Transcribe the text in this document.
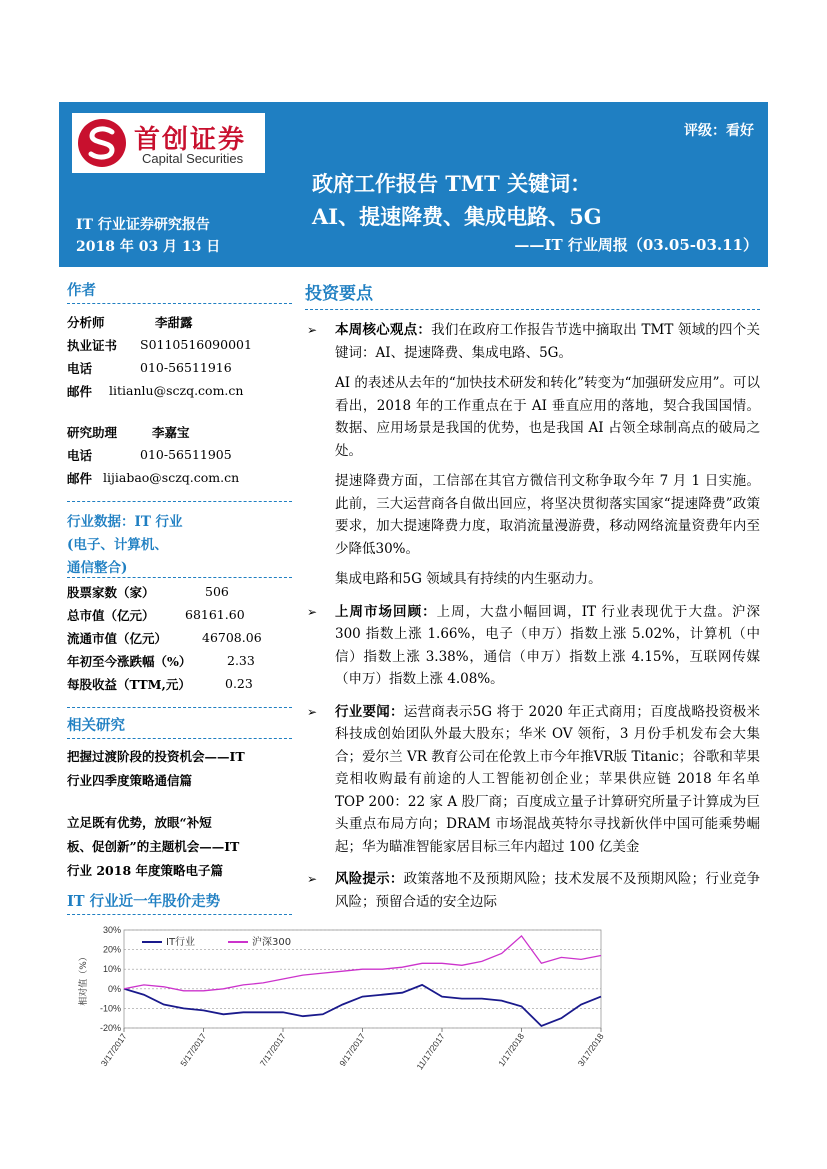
首创证券
Capital Securities
评级：看好
政府工作报告 TMT 关键词：
AI、提速降费、集成电路、5G
——IT 行业周报（03.05-03.11）
IT 行业证券研究报告
2018 年 03 月 13 日
作者
分析师	李甜露
执业证书	S0110516090001
电话	010-56511916
邮件	litianlu@sczq.com.cn
研究助理	李嘉宝
电话	010-56511905
邮件 lijiabao@sczq.com.cn
行业数据：IT 行业
(电子、计算机、
通信整合)
股票家数（家）	506
总市值（亿元）	68161.60
流通市值（亿元）	46708.06
年初至今涨跌幅（%）	2.33
每股收益（TTM,元）	0.23
相关研究
把握过渡阶段的投资机会——IT
行业四季度策略通信篇
立足既有优势，放眼“补短
板、促创新”的主题机会——IT
行业 2018 年度策略电子篇
IT 行业近一年股价走势
30%
20%
10%
0%
-10%
-20%
相对值（%）
3/17/2017	5/17/2017	7/17/2017	9/17/2017	11/17/2017	1/17/2018	3/17/2018
IT行业	沪深300
投资要点
➢ 本周核心观点：我们在政府工作报告节选中摘取出 TMT 领域的四个关键词：AI、提速降费、集成电路、5G。
AI 的表述从去年的“加快技术研发和转化”转变为“加强研发应用”。可以看出，2018 年的工作重点在于 AI 垂直应用的落地，契合我国国情。数据、应用场景是我国的优势，也是我国 AI 占领全球制高点的破局之处。
提速降费方面，工信部在其官方微信刊文称争取今年 7 月 1 日实施。此前，三大运营商各自做出回应，将坚决贯彻落实国家“提速降费”政策要求，加大提速降费力度，取消流量漫游费，移动网络流量资费年内至少降低30%。
集成电路和5G 领域具有持续的内生驱动力。
➢ 上周市场回顾：上周，大盘小幅回调，IT 行业表现优于大盘。沪深 300 指数上涨 1.66%，电子（申万）指数上涨 5.02%，计算机（中信）指数上涨 3.38%，通信（申万）指数上涨 4.15%，互联网传媒（申万）指数上涨 4.08%。
➢ 行业要闻：运营商表示5G 将于 2020 年正式商用；百度战略投资极米科技成创始团队外最大股东；华米 OV 领衔，3 月份手机发布会大集合；爱尔兰 VR 教育公司在伦敦上市今年推VR版 Titanic；谷歌和苹果竞相收购最有前途的人工智能初创企业；苹果供应链 2018 年名单 TOP 200：22 家 A 股厂商；百度成立量子计算研究所量子计算成为巨头重点布局方向；DRAM 市场混战英特尔寻找新伙伴中国可能乘势崛起；华为瞄准智能家居目标三年内超过 100 亿美金
➢ 风险提示：政策落地不及预期风险；技术发展不及预期风险；行业竞争风险；预留合适的安全边际
